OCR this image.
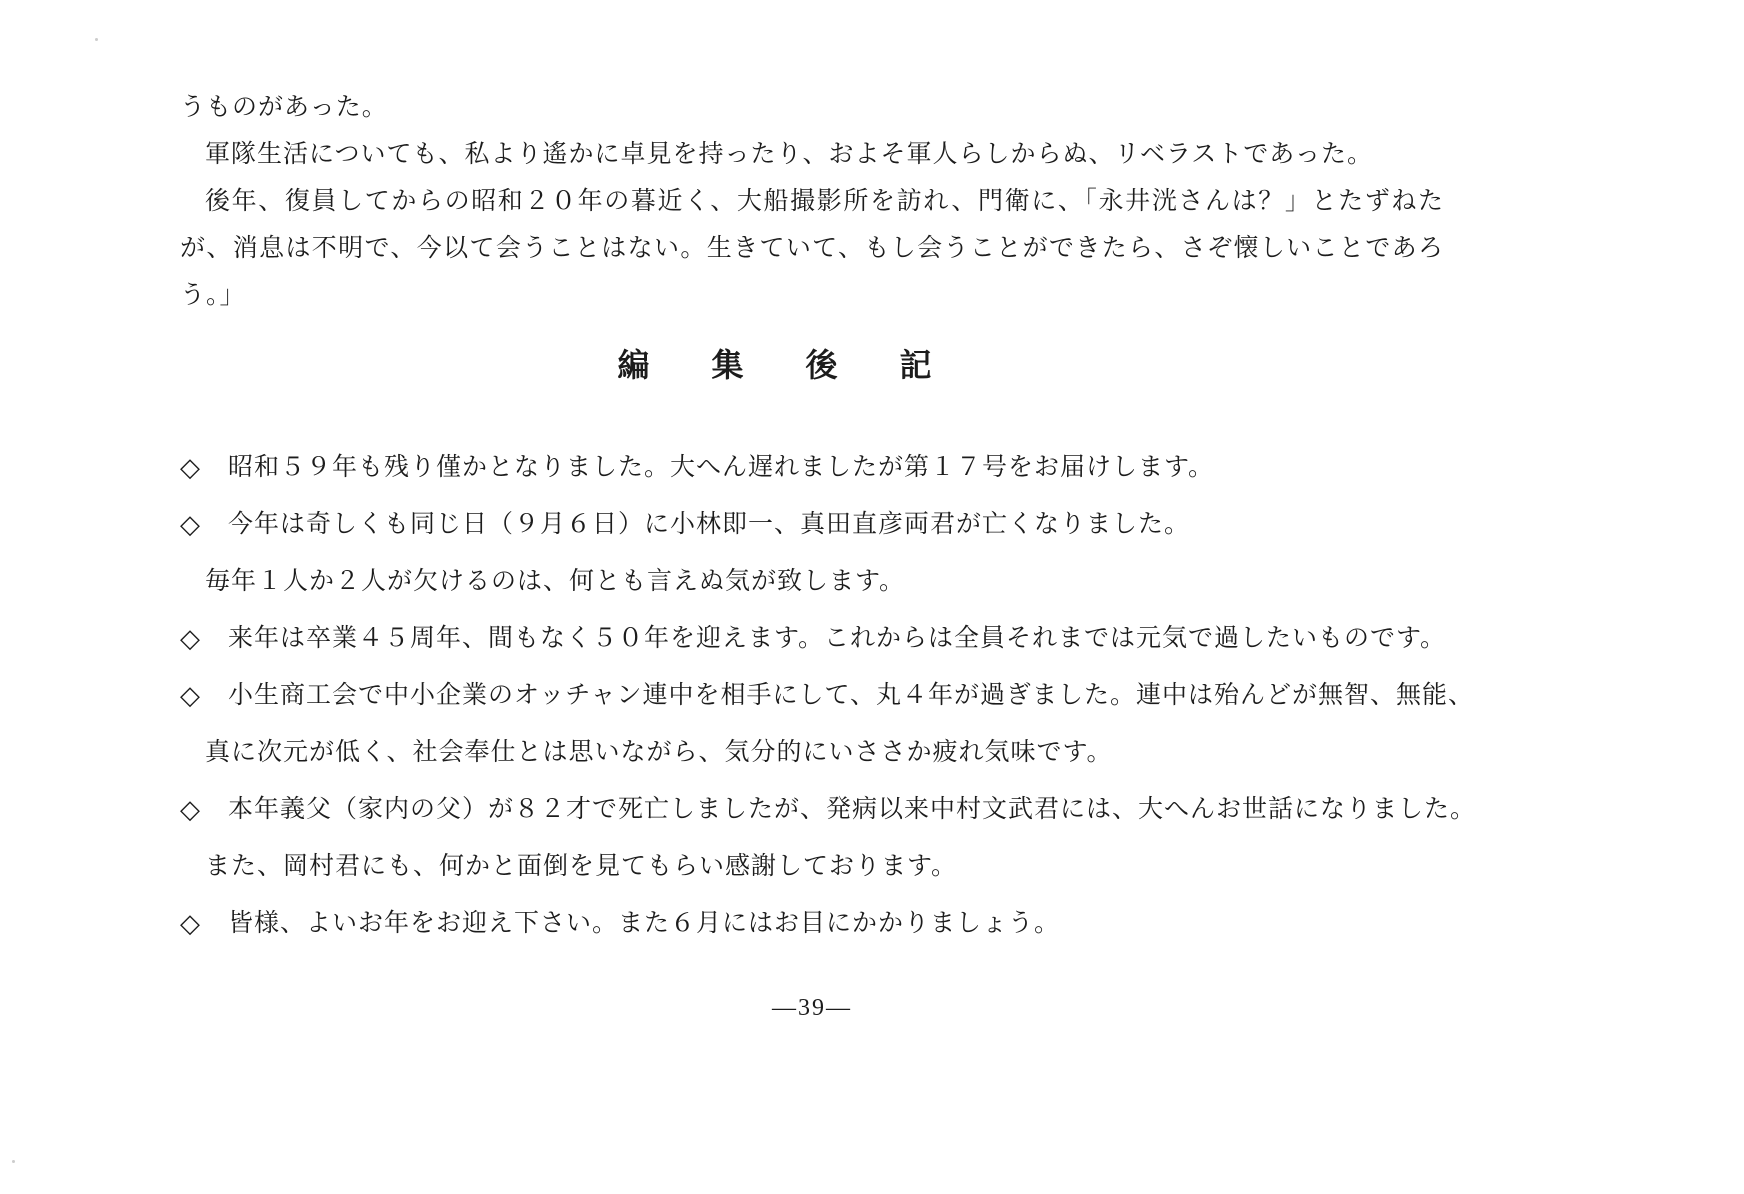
うものがあった。

軍隊生活についても、私より遙かに卓見を持ったり、およそ軍人らしからぬ、リベラストであった。

後年、復員してからの昭和２０年の暮近く、大船撮影所を訪れ、門衛に、「永井洸さんは？」とたずねたが、消息は不明で、今以て会うことはない。生きていて、もし会うことができたら、さぞ懐しいことであろう。」

編　集　後　記
◇	昭和５９年も残り僅かとなりました。大へん遅れましたが第１７号をお届けします。
◇	今年は奇しくも同じ日（９月６日）に小林即一、真田直彦両君が亡くなりました。
毎年１人か２人が欠けるのは、何とも言えぬ気が致します。
◇	来年は卒業４５周年、間もなく５０年を迎えます。これからは全員それまでは元気で過したいものです。
◇	小生商工会で中小企業のオッチャン連中を相手にして、丸４年が過ぎました。連中は殆んどが無智、無能、
真に次元が低く、社会奉仕とは思いながら、気分的にいささか疲れ気味です。
◇	本年義父（家内の父）が８２才で死亡しましたが、発病以来中村文武君には、大へんお世話になりました。
また、岡村君にも、何かと面倒を見てもらい感謝しております。
◇	皆様、よいお年をお迎え下さい。また６月にはお目にかかりましょう。
―39―
